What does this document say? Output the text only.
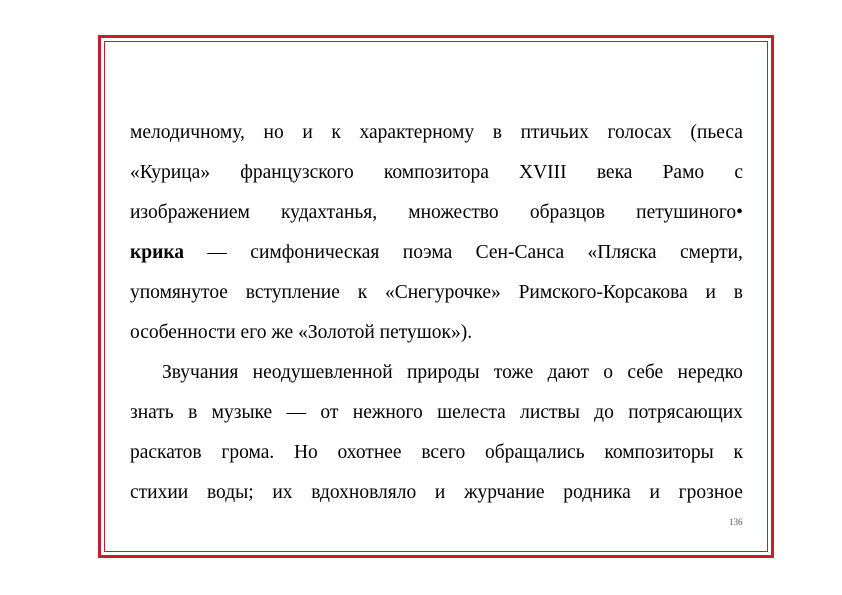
мелодичному, но и к характерному в птичьих голосах (пьеса
«Курица» французского композитора XVIII века Рамо с
изображением кудахтанья, множество образцов петушиного•
крика — симфоническая поэма Сен-Санса «Пляска смерти,
упомянутое вступление к «Снегурочке» Римского-Корсакова и в
особенности его же «Золотой петушок»).
Звучания неодушевленной природы тоже дают о себе нередко
знать в музыке — от нежного шелеста листвы до потрясающих
раскатов грома. Но охотнее всего обращались композиторы к
стихии воды; их вдохновляло и журчание родника и грозное
136
